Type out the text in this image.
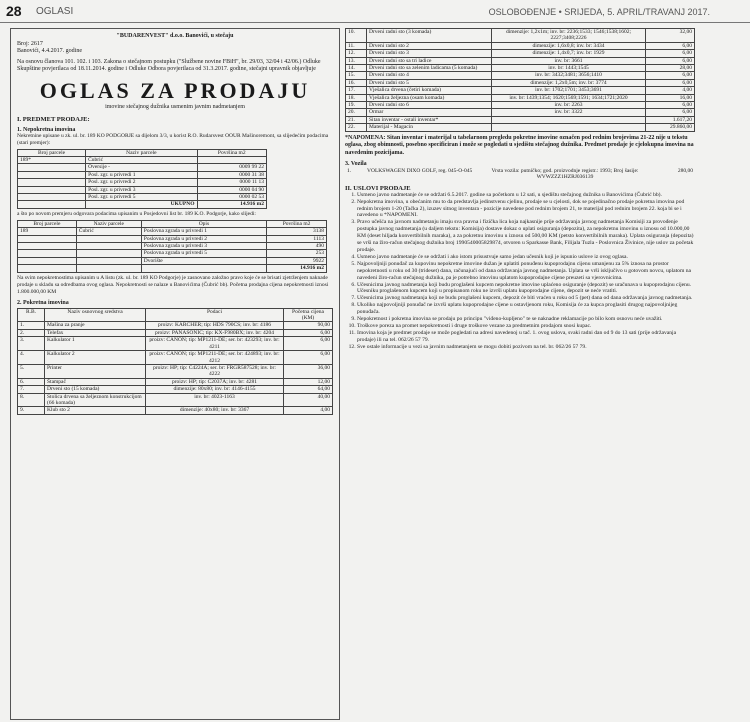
28 OGLASI	OSLOBOĐENJE • SRIJEDA, 5. APRIL/TRAVANJ 2017.

"BUDARENVEST" d.o.o. Banovići, u stečaju

Broj: 2617

Banovići, 4.4.2017. godine

Na osnovu članova 101. 102. i 103. Zakona o stečajnom postupku ("Službene novine FBiH", br. 29/03, 32/04 i 42/06.) Odluke Skupštine povjerilaca od 18.11.2014. godine i Odluke Odbora povjerilaca od 31.3.2017. godine, stečajni upravnik objavljuje

OGLAS ZA PRODAJU

imovine stečajnog dužnika usmenim javnim nadmetanjem

I. PREDMET PRODAJE:

1. Nepokretna imovina

Nekretnine upisane u zk. ul. br. 189 KO PODGORJE sa dijelom 3/3, u korist R.O. Rudarsvest OOUR Mašinoremont, sa slijedećim podacima (stari premjer):

Broj parcele	Naziv parcele	Površina m2
189*	Čubrić	
	Oversije -	0009 99 22
	Posl. zgr. u privredi 1	0000 31 38
	Posl. zgr. u privredi 2	0000 11 13
	Posl. zgr. u privredi 3	0000 04 90
	Posl. zgr. u privredi 5	0000 02 53
	UKUPNO	14.916 m2

a što po novom premjeru odgovara podacima upisanim u Posjedovni list br. 189 K.O. Podgorje, kako slijedi:

Broj parcele	Naziv parcele	Opis	Površina m2
189	Čubrić	Poslovna zgrada u privredi 1	3138
		Poslovna zgrada u privredi 2	1113
		Poslovna zgrada u privredi 3	490
		Poslovna zgrada u privredi 5	253
		Dvorište	9922
			14.916 m2

Na svim nepokretnostima upisanim u A listu (zk. ul. br. 189 KO Podgorje) je zasnovano založno pravo koje će se brisati zjetrženjem naknade prodaje u skladu sa odredbama ovog oglasa. Nepokretnosti se nalaze u Banovićima (Čubrić bb). Početna prodajna cijena nepokretnosti iznosi 1.800.000,00 KM

2. Pokretna imovina

R.B.	Naziv osnovnog sredstva	Podaci	Početna cijena (KM)
1.	Mašina za pranje	proizv: KARCHER; tip: HDS 790CS; inv. br: 4186	90,00
2.	Telefax	proizv: PANASONIC; tip: KX-F980BX; inv. br: 4204	6,00
3.	Kalkulator 1	proizv: CANON; tip: MP1211-DE; ser. br: 423293; inv. br: 4211	6,00
4.	Kalkulator 2	proizv: CANON; tip: MP1211-DE; ser. br: 424893; inv. br: 4212	6,00
5.	Printer	proizv: HP; tip: C4224A; ser. br: FRGR587528; inv. br: 4222	36,00
6.	Štampač	proizv: HP; tip: C2037A; inv. br: 4281	12,00
7.	Drveni sto (15 komada)	dimenzije: 80x80; inv. br: 4146-4155	64,00
8.	Stolica drvena sa željeznom konstrukcijom (66 komada)	inv. br: 4023-1163	40,00
9.	Klub sto 2	dimenzije: 40x80; inv. br: 3367	4,00
10.	Drveni radni sto (3 komada)	dimenzije: 1,2x1m; inv. br: 2236;1533; 1546;1538;1602; 2227;3408;2226	32,00
11.	Drveni radni sto 2	dimenzije: 1,6x0,8; inv. br: 3434	6,00
12.	Drveni radni sto 3	dimenzije: 1,4x0,7; inv. br: 1929	6,00
13.	Drveni radni sto sa tri ladice	inv. br: 3661	6,00
14.	Drveni radni sto sa zelenim ladicama (5 komada)	inv. br: 1443;1545	28,00
15.	Drveni radni sto 4	inv. br: 3432;3481; 3656;1410	6,00
16.	Drveni radni sto 5	dimenzije: 1,2x0,5m; inv. br: 3774	6,00
17.	Vješalica drvena (četiri komada)	inv. br: 1702;1701; 3453;3691	4,00
18.	Vješalica željezna (osam komada)	inv. br: 1439;1354; 1620;1569;1591; 1634;1721;2020	16,00
19.	Drveni radni sto 6	inv. br: 2263	6,00
20.	Ormar	inv. br: 3322	6,00
21.	Sitan inventar - ostali inventar*		1.617,20
22.	Materijal - Magacin		29.860,00

*NAPOMENA: Sitan inventar i materijal u tabelarnom pregledu pokretne imovine označen pod rednim brojevima 21-22 nije u tekstu oglasa, zbog obimnosti, posebno specificiran i može se pogledati u sjedištu stečajnog dužnika. Predmet prodaje je cjelokupna imovina na navedenim pozicijama.

3. Vozila

1.	VOLKSWAGEN DIXO GOLF, reg. 045-O-045	Vrsta vozila: putničko; god. proizvodnje registr.: 1993; Broj šasije: WVWZZZ1HZRJ036139	280,00

II. USLOVI PRODAJE

1. Usmeno javno nadmetanje će se održati 6.5.2017. godine sa početkom u 12 sati, u sjedištu stečajnog dužnika u Banovićima (Čubrić bb).
2. Nepokretna imovina, u obećanim mu to da predstavlja jedinstvenu cjelinu, prodaje se u cjelosti, dok se pojedinačno prodaje pokretna imovina pod rednim brojem 1-20 (Tačka 2), izuzev sitnog inventara - pozicije navedene pod rednim brojem 21, te materijal pod rednim brojem 22. koja bi se i navedeno u *NAPOMENI.
3. Pravo učešća na javnom nadmetanju imaju sva pravna i fizička lica koja najkasnije prije održavanja javnog nadmetanja Komisiji za provođenje postupka javnog nadmetanja (u daljem tekstu: Komisija) dostave dokaz o uplati osiguranja (depozita), za nepokretnu imovinu u iznosu od 10.000,00 KM (deset hiljada konvertibilnih maraka), a za pokretnu imovinu u iznosu od 500,00 KM (petsto konvertibilnih maraka). Uplata osiguranja (depozita) se vrši na žiro-račun stečajnog dužnika broj 1990540005829874, otvoren u Sparkasse Bank, Filijala Tuzla - Poslovnica Živinice, nije uslov za početak prodaje.
4. Usmeno javno nadmetanje će se održati i ako istom prisustvuje samo jedan učesnik koji je ispunio uslove iz ovog oglasa.
5. Najpovoljniji ponuđač za kupovinu nepokretne imovine dužan je uplatiti ponuđenu kupoprodajnu cijenu umanjenu za 5% iznosa na prostor nepokretnosti u roku od 30 (trideset) dana, računajući od dana održavanja javnog nadmetanja. Uplata se vrši isključivo u gotovom novcu, uplatom na navedeni žiro-račun stečajnog dužnika, pa je potrebno imovinu uplatom kupoprodajne cijene preuzeti sa vjerovnicima.
6. Učesnicima javnog nadmetanja koji budu proglašeni kupcem nepokretne imovine uplaćeno osiguranje (depozit) se uračunava u kupoprodajnu cijenu. Učesniku proglašenom kupcem koji u propisanom roku ne izvrši uplatu kupoprodajne cijene, depozit se neće vratiti.
7. Učesnicima javnog nadmetanja koji ne budu proglašeni kupcem, depozit će biti vraćen u roku od 5 (pet) dana od dana održavanja javnog nadmetanja.
8. Ukoliko najpovoljniji ponuđač ne izvrši uplatu kupoprodajne cijene u ostavljenom roku, Komisija će za kupca proglasiti drugog najpovoljnijeg ponuđača.
9. Nepokretnost i pokretna imovina se prodaju po principu "viđeno-kupljeno" te se naknadne reklamacije po bilo kom osnovu neće uvažiti.
10. Troškove poreza na promet nepokretnosti i druge troškove vezane za predmetnim prodajom snosi kupac.
11. Imovina koja je predmet prodaje se može pogledati na adresi navedenoj u tač. 1. ovog uslova, svaki radni dan od 9 do 13 sati (prije održavanja prodaje) ili na tel. 062/26 57 79.
12. Sve ostale informacije u vezi sa javnim nadmetanjem se mogu dobiti pozivom na tel. br. 062/26 57 79.
